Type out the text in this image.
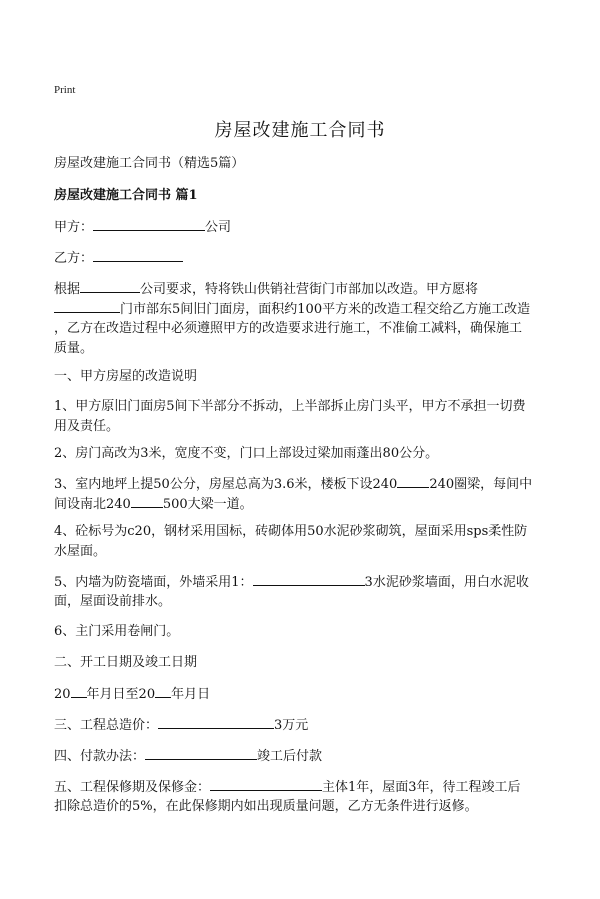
Print
房屋改建施工合同书
房屋改建施工合同书（精选5篇）
房屋改建施工合同书 篇1
甲方：	公司
乙方：
根据	公司要求，特将铁山供销社营街门市部加以改造。甲方愿将
门市部东5间旧门面房，面积约100平方米的改造工程交给乙方施工改造
，乙方在改造过程中必须遵照甲方的改造要求进行施工，不准偷工减料，确保施工
质量。
一、甲方房屋的改造说明
1、甲方原旧门面房5间下半部分不拆动，上半部拆止房门头平，甲方不承担一切费
用及责任。
2、房门高改为3米，宽度不变，门口上部设过梁加雨蓬出80公分。
3、室内地坪上提50公分，房屋总高为3.6米，楼板下设240 240圈梁，每间中
间设南北240 500大梁一道。
4、砼标号为c20，钢材采用国标，砖砌体用50水泥砂浆砌筑，屋面采用sps柔性防
水屋面。
5、内墙为防瓷墙面，外墙采用1：	3水泥砂浆墙面，用白水泥收
面，屋面设前排水。
6、主门采用卷闸门。
二、开工日期及竣工日期
20 年月日至20 年月日
三、工程总造价：	3万元
四、付款办法：	竣工后付款
五、工程保修期及保修金：	主体1年，屋面3年，待工程竣工后
扣除总造价的5%，在此保修期内如出现质量问题，乙方无条件进行返修。
